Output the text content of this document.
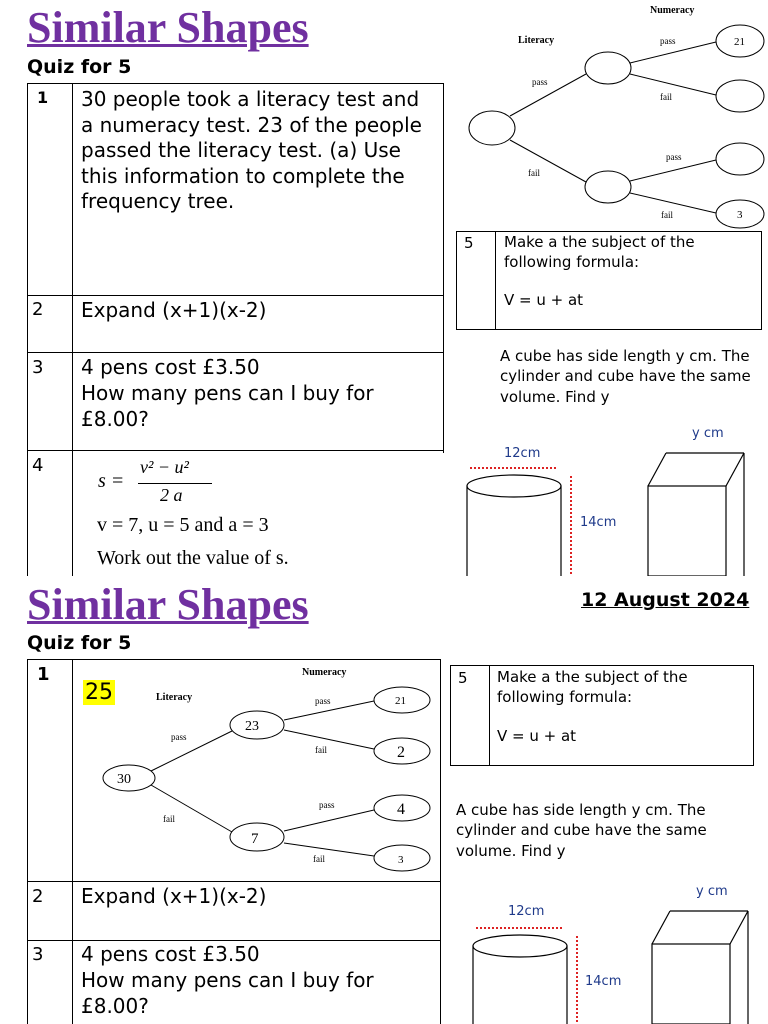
Similar Shapes
Quiz for 5
1 30 people took a literacy test and a numeracy test. 23 of the people passed the literacy test. (a) Use this information to complete the frequency tree.
2 Expand (x+1)(x-2)
3 4 pens cost £3.50
How many pens can I buy for £8.00?
4
s =
v² − u²
2 a
v = 7, u = 5 and a = 3
Work out the value of s.
Numeracy
Literacy	pass
pass
fail
pass
fail
fail
21
3
5 Make a the subject of the following formula:
V = u + at
A cube has side length y cm. The cylinder and cube have the same volume. Find y
12cm
14cm
y cm
Similar Shapes	12 August 2024
Quiz for 5
1
25
Numeracy
Literacy	pass
pass
fail
pass
fail
fail
30
23
7
21
2
4
3
2 Expand (x+1)(x-2)
3 4 pens cost £3.50
How many pens can I buy for £8.00?
5 Make a the subject of the following formula:
V = u + at
A cube has side length y cm. The cylinder and cube have the same volume. Find y
12cm
14cm
y cm
